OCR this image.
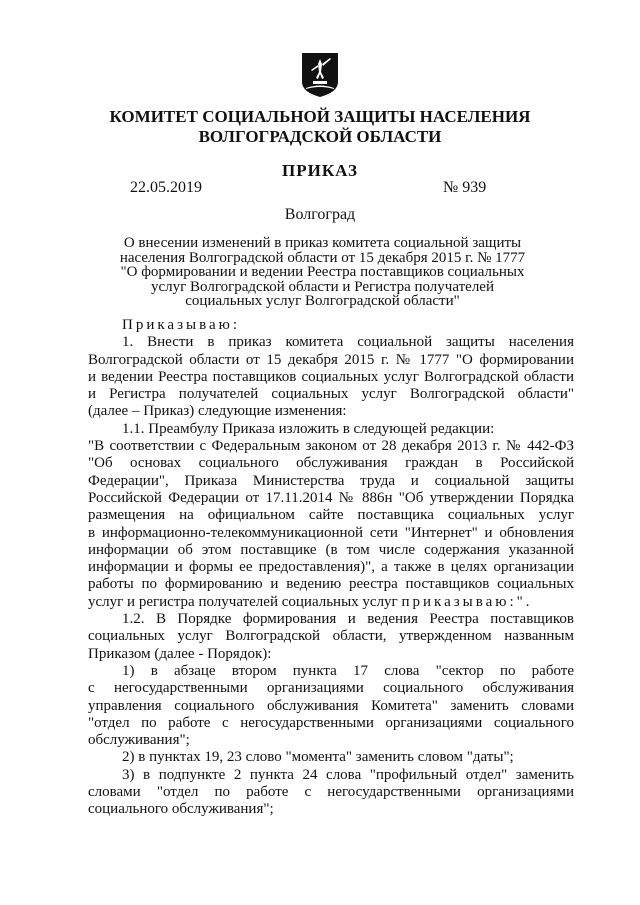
КОМИТЕТ СОЦИАЛЬНОЙ ЗАЩИТЫ НАСЕЛЕНИЯ
ВОЛГОГРАДСКОЙ ОБЛАСТИ
ПРИКАЗ
22.05.2019	№ 939
Волгоград
О внесении изменений в приказ комитета социальной защиты
населения Волгоградской области от 15 декабря 2015 г. № 1777
"О формировании и ведении Реестра поставщиков социальных
услуг Волгоградской области и Регистра получателей
социальных услуг Волгоградской области"
Приказываю:
1. Внести в приказ комитета социальной защиты населения
Волгоградской области от 15 декабря 2015 г. № 1777 "О формировании
и ведении Реестра поставщиков социальных услуг Волгоградской области
и Регистра получателей социальных услуг Волгоградской области"
(далее – Приказ) следующие изменения:
1.1. Преамбулу Приказа изложить в следующей редакции:
"В соответствии с Федеральным законом от 28 декабря 2013 г. № 442-ФЗ
"Об основах социального обслуживания граждан в Российской
Федерации", Приказа Министерства труда и социальной защиты
Российской Федерации от 17.11.2014 № 886н "Об утверждении Порядка
размещения на официальном сайте поставщика социальных услуг
в информационно-телекоммуникационной сети "Интернет" и обновления
информации об этом поставщике (в том числе содержания указанной
информации и формы ее предоставления)", а также в целях организации
работы по формированию и ведению реестра поставщиков социальных
услуг и регистра получателей социальных услуг приказываю:".
1.2. В Порядке формирования и ведения Реестра поставщиков
социальных услуг Волгоградской области, утвержденном названным
Приказом (далее - Порядок):
1) в абзаце втором пункта 17 слова "сектор по работе
с негосударственными организациями социального обслуживания
управления социального обслуживания Комитета" заменить словами
"отдел по работе с негосударственными организациями социального
обслуживания";
2) в пунктах 19, 23 слово "момента" заменить словом "даты";
3) в подпункте 2 пункта 24 слова "профильный отдел" заменить
словами "отдел по работе с негосударственными организациями
социального обслуживания";
